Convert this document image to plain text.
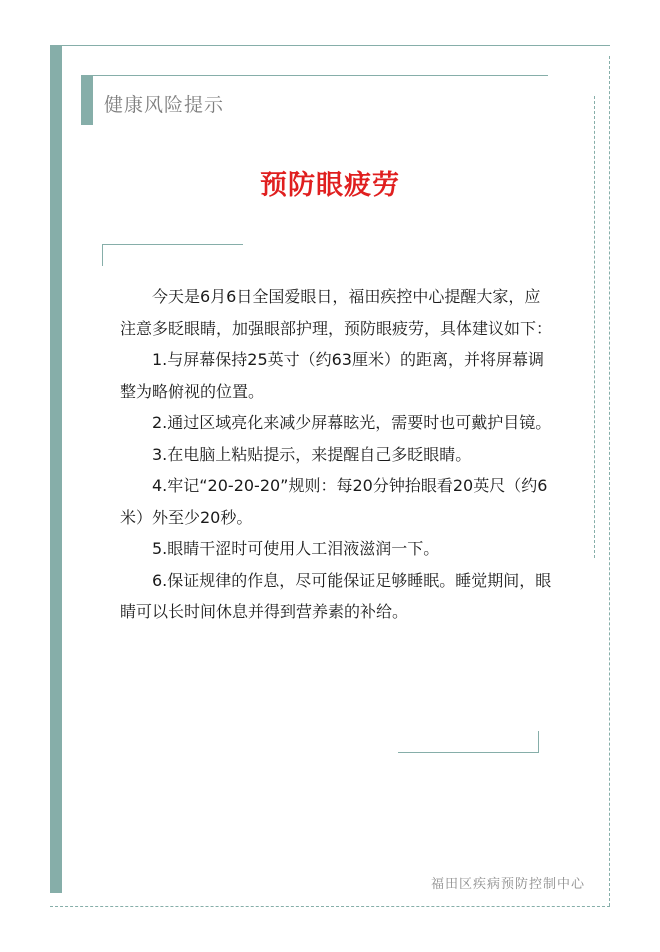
健康风险提示
预防眼疲劳

今天是6月6日全国爱眼日，福田疾控中心提醒大家，应注意多眨眼睛，加强眼部护理，预防眼疲劳，具体建议如下：

1.与屏幕保持25英寸（约63厘米）的距离，并将屏幕调整为略俯视的位置。

2.通过区域亮化来减少屏幕眩光，需要时也可戴护目镜。

3.在电脑上粘贴提示，来提醒自己多眨眼睛。

4.牢记“20-20-20”规则：每20分钟抬眼看20英尺（约6米）外至少20秒。

5.眼睛干涩时可使用人工泪液滋润一下。

6.保证规律的作息，尽可能保证足够睡眠。睡觉期间，眼睛可以长时间休息并得到营养素的补给。

福田区疾病预防控制中心
